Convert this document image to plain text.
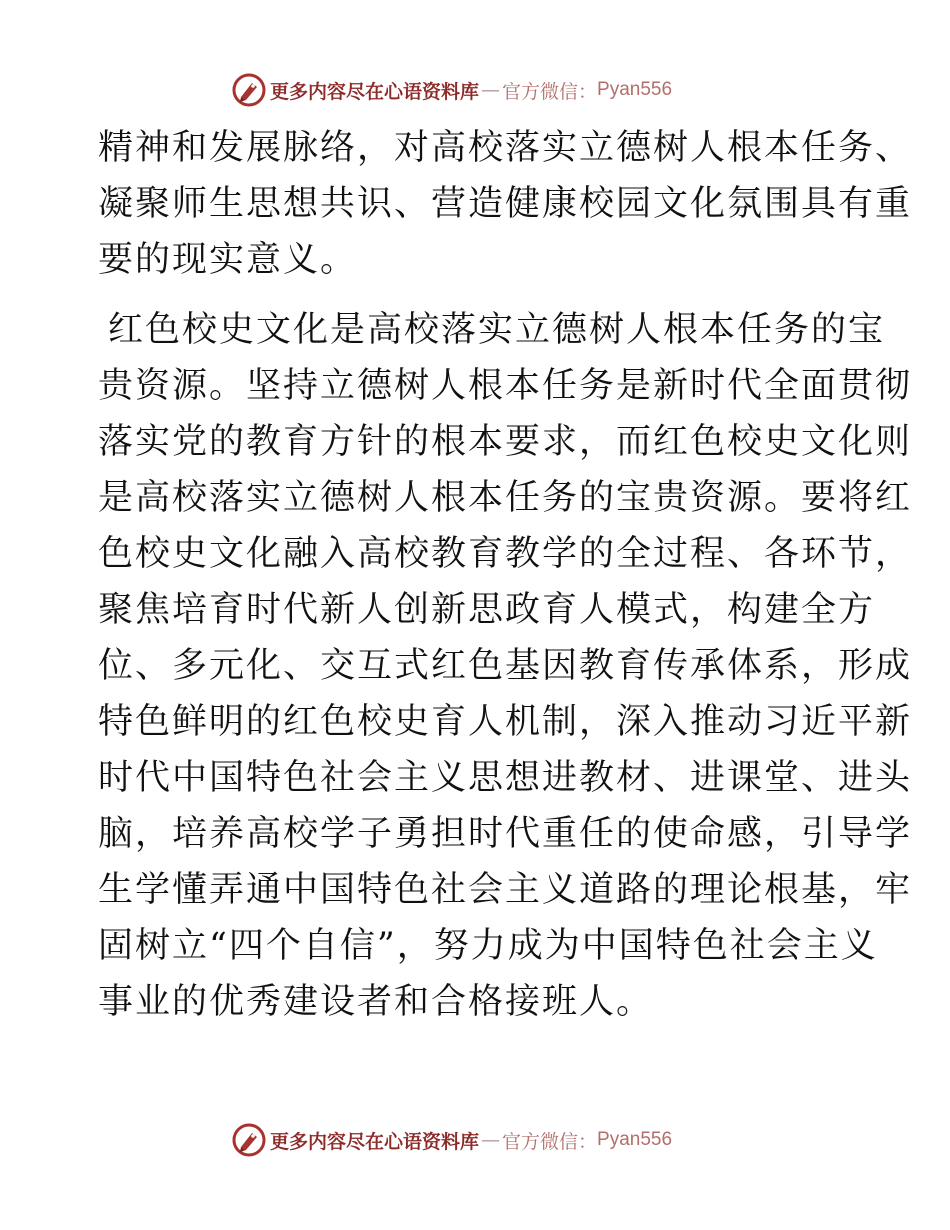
更多内容尽在心语资料库 — 官方微信： Pyan556
精神和发展脉络，对高校落实立德树人根本任务、
凝聚师生思想共识、营造健康校园文化氛围具有重
要的现实意义。
红色校史文化是高校落实立德树人根本任务的宝
贵资源。坚持立德树人根本任务是新时代全面贯彻
落实党的教育方针的根本要求，而红色校史文化则
是高校落实立德树人根本任务的宝贵资源。要将红
色校史文化融入高校教育教学的全过程、各环节，
聚焦培育时代新人创新思政育人模式，构建全方
位、多元化、交互式红色基因教育传承体系，形成
特色鲜明的红色校史育人机制，深入推动习近平新
时代中国特色社会主义思想进教材、进课堂、进头
脑，培养高校学子勇担时代重任的使命感，引导学
生学懂弄通中国特色社会主义道路的理论根基，牢
固树立“四个自信”，努力成为中国特色社会主义
事业的优秀建设者和合格接班人。
更多内容尽在心语资料库 — 官方微信： Pyan556
